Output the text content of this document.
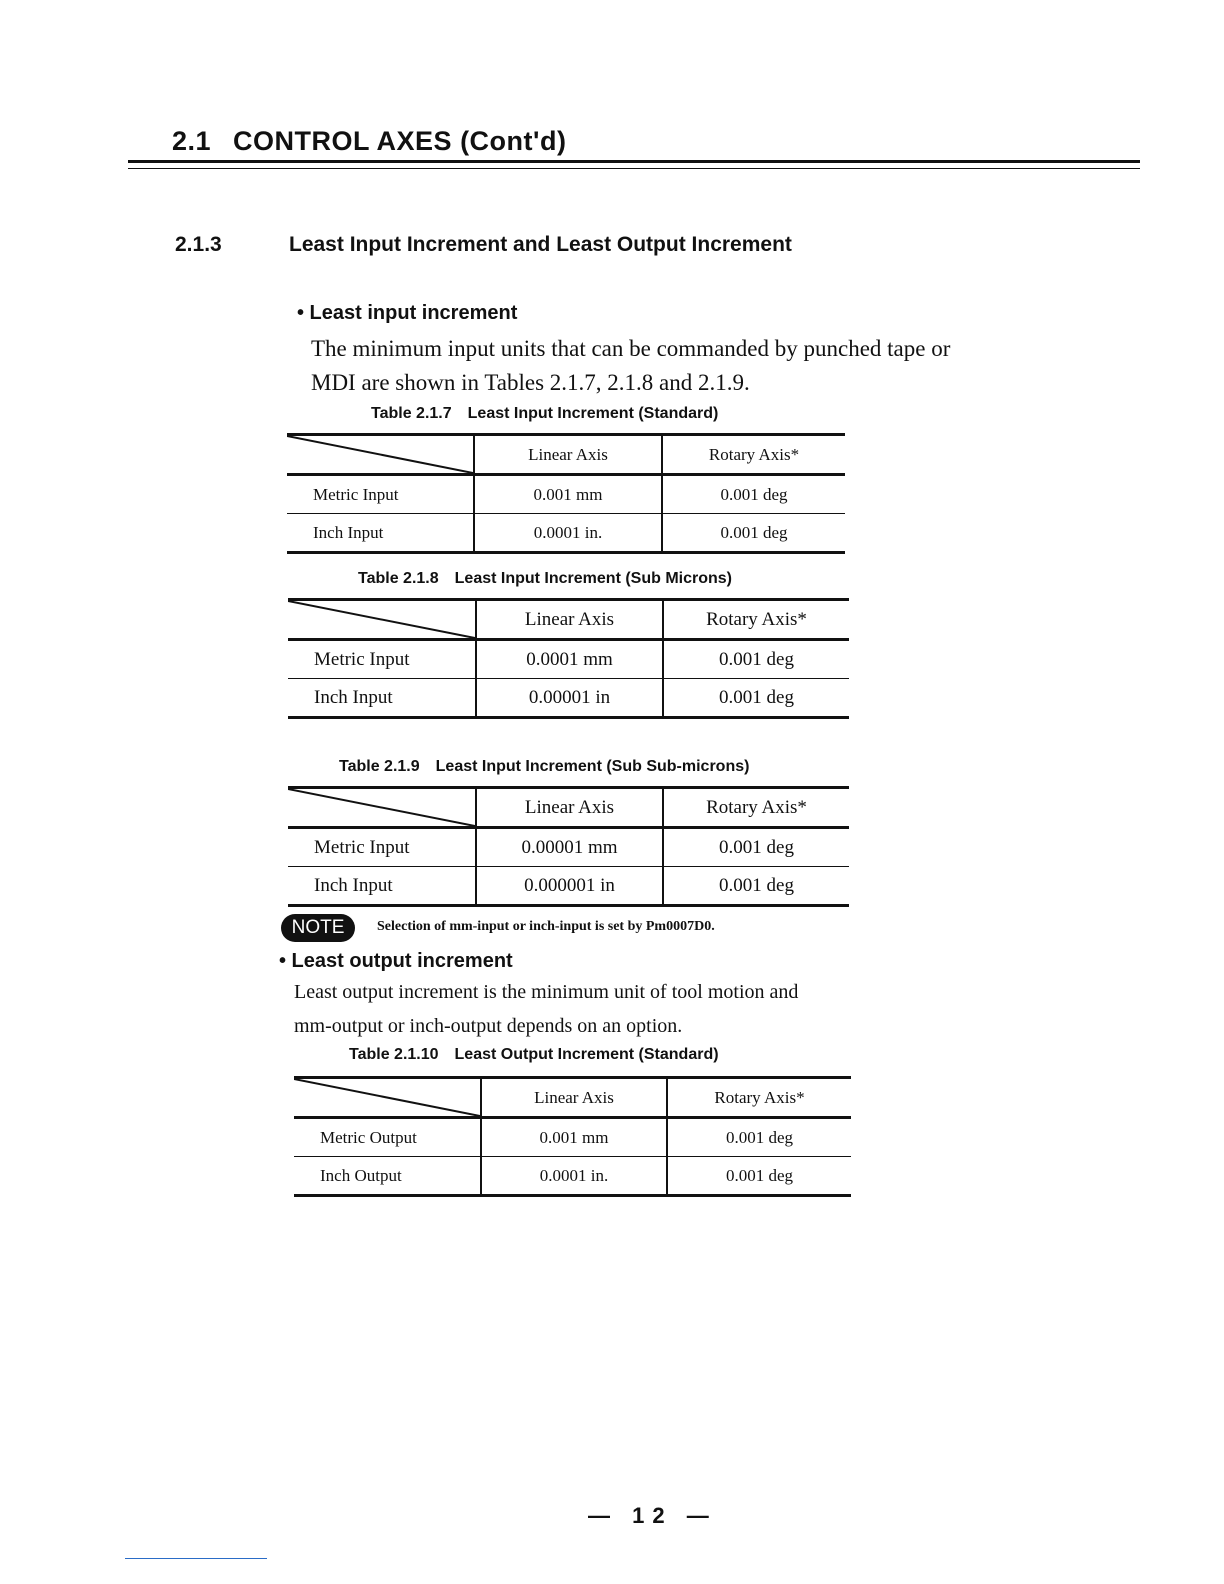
2.1 CONTROL AXES (Cont'd)
2.1.3	Least Input Increment and Least Output Increment
• Least input increment
The minimum input units that can be commanded by punched tape or
MDI are shown in Tables 2.1.7, 2.1.8 and 2.1.9.
Table 2.1.7 Least Input Increment (Standard)
	Linear Axis	Rotary Axis*
Metric Input	0.001 mm	0.001 deg
Inch Input	0.0001 in.	0.001 deg
Table 2.1.8 Least Input Increment (Sub Microns)
	Linear Axis	Rotary Axis*
Metric Input	0.0001 mm	0.001 deg
Inch Input	0.00001 in	0.001 deg
Table 2.1.9 Least Input Increment (Sub Sub-microns)
	Linear Axis	Rotary Axis*
Metric Input	0.00001 mm	0.001 deg
Inch Input	0.000001 in	0.001 deg
NOTE	Selection of mm-input or inch-input is set by Pm0007D0.
• Least output increment
Least output increment is the minimum unit of tool motion and
mm-output or inch-output depends on an option.
Table 2.1.10 Least Output Increment (Standard)
	Linear Axis	Rotary Axis*
Metric Output	0.001 mm	0.001 deg
Inch Output	0.0001 in.	0.001 deg
— 12 —
